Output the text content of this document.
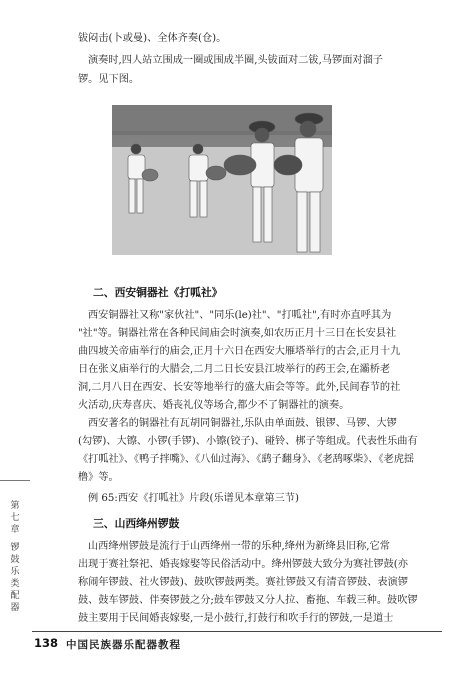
钹闷击(卜或曼)、全体齐奏(仓)。
演奏时,四人站立围成一圈或围成半圈,头钹面对二钹,马锣面对溜子
锣。见下图。
二、西安铜器社《打呱社》
西安铜器社又称"家伙社"、"同乐(le)社"、"打呱社",有时亦直呼其为
"社"等。铜器社常在各种民间庙会时演奏,如农历正月十三日在长安县社
曲四坡关帝庙举行的庙会,正月十六日在西安大雁塔举行的古会,正月十九
日在张义庙举行的大腊会,二月二日长安县江坡举行的药王会,在灞桥老
洞,二月八日在西安、长安等地举行的盛大庙会等等。此外,民间春节的社
火活动,庆寿喜庆、婚丧礼仪等场合,都少不了铜器社的演奏。
西安著名的铜器社有瓦胡同铜器社,乐队由单面鼓、银锣、马锣、大锣
(勾锣)、大镲、小锣(手锣)、小镲(铰子)、碰铃、梆子等组成。代表性乐曲有
《打呱社》、《鸭子拌嘴》、《八仙过海》、《鹞子翻身》、《老鸹啄柴》、《老虎揺
橹》等。
例 65:西安《打呱社》片段(乐谱见本章第三节)
三、山西绛州锣鼓
山西绛州锣鼓是流行于山西绛州一带的乐种,绛州为新绛县旧称,它常
出现于赛社祭祀、婚丧嫁娶等民俗活动中。绛州锣鼓大致分为赛社锣鼓(亦
称闹年锣鼓、社火锣鼓)、鼓吹锣鼓两类。赛社锣鼓又有清音锣鼓、表演锣
鼓、鼓车锣鼓、伴奏锣鼓之分;鼓车锣鼓又分人拉、畜拖、车载三种。鼓吹锣
鼓主要用于民间婚丧嫁娶,一是小鼓行,打鼓行和吹手行的锣鼓,一是道士
第七章
锣鼓乐类配器
138 中国民族器乐配器教程
